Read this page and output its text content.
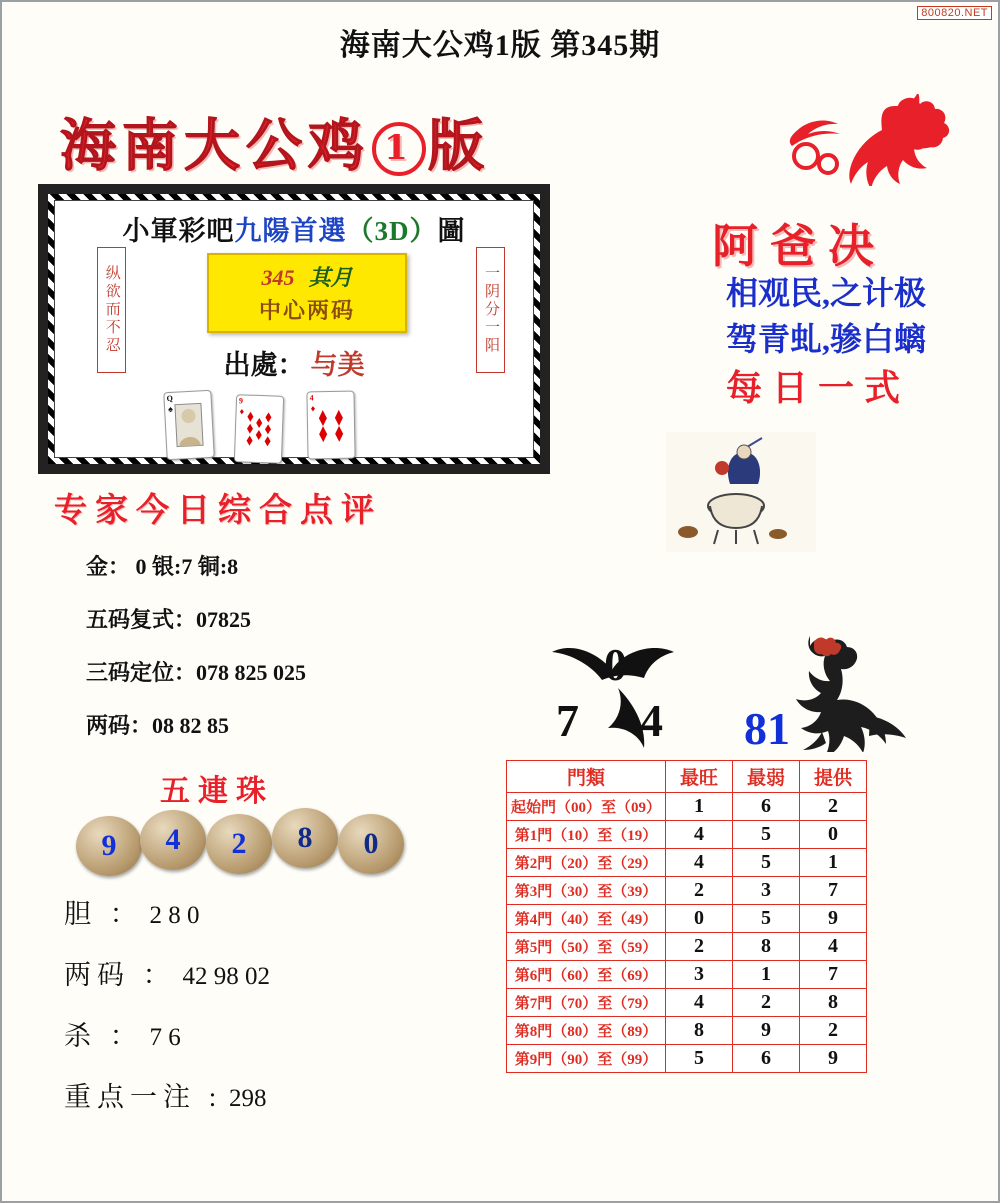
800820.NET
海南大公鸡1版 第345期
海南大公鸡 1 版
小軍彩吧九陽首選（3D）圖
纵欲而不忍	一阴分一阳
345 其月
中心两码
出處： 与美
Q
♠
9
♦
4
♦
专家今日综合点评
金： 0 银:7 铜:8
五码复式：07825
三码定位：078 825 025
两码：08 82 85
五連珠
9	4	2	8	0
胆 ： 2 8 0
两码 ： 42 98 02
杀 ： 7 6
重点一注 : 298
阿爸决
相观民,之计极
驾青虬,骖白螭
每日一式
0
7 4 81
門類	最旺	最弱	提供
起始門（00）至（09）	1	6	2
第1門（10）至（19）	4	5	0
第2門（20）至（29）	4	5	1
第3門（30）至（39）	2	3	7
第4門（40）至（49）	0	5	9
第5門（50）至（59）	2	8	4
第6門（60）至（69）	3	1	7
第7門（70）至（79）	4	2	8
第8門（80）至（89）	8	9	2
第9門（90）至（99）	5	6	9
